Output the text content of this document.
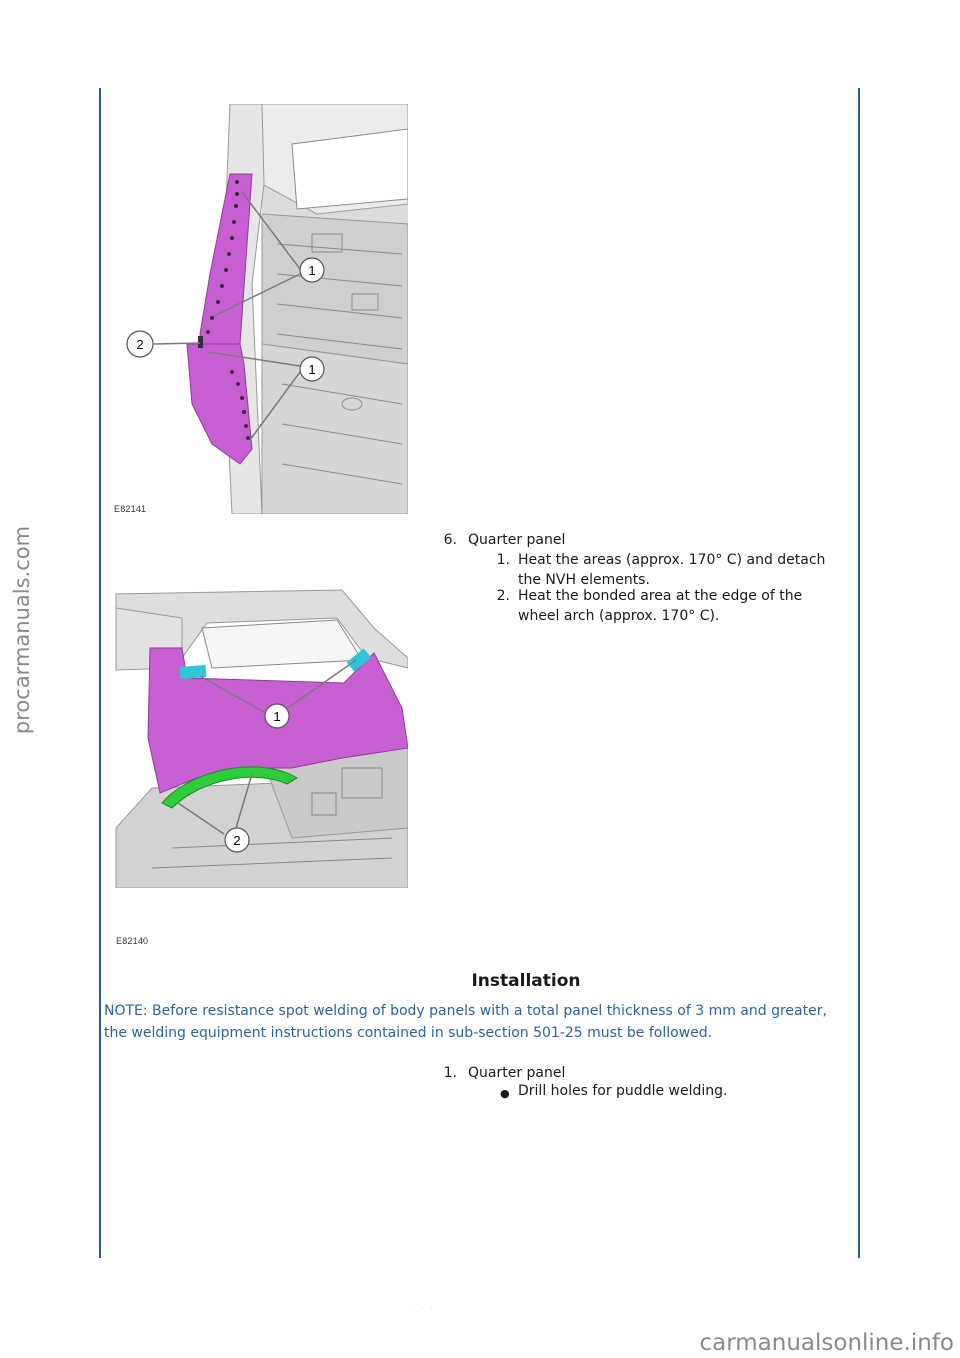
procarmanuals.com
1
1
2
E82141
1
2
E82140
6. Quarter panel
1. Heat the areas (approx. 170° C) and detach the NVH elements.
2. Heat the bonded area at the edge of the wheel arch (approx. 170° C).
Installation
NOTE: Before resistance spot welding of body panels with a total panel thickness of 3 mm and greater, the welding equipment instructions contained in sub-section 501-25 must be followed.
1. Quarter panel
● Drill holes for puddle welding.
· · ·
carmanualsonline.info
